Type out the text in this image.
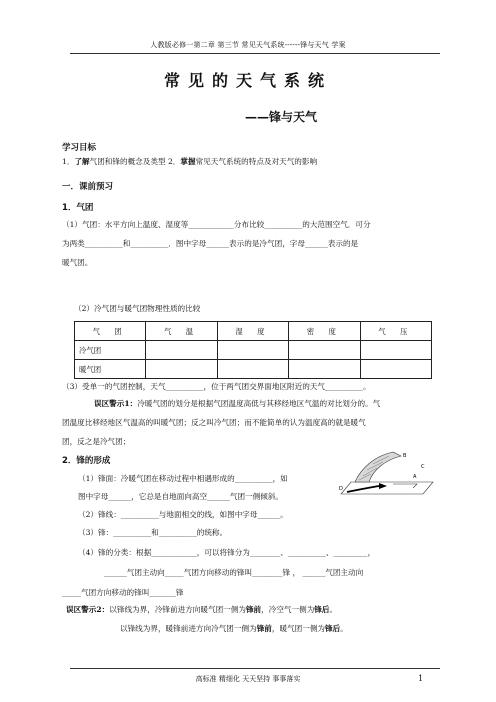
人教版必修一第二章 第三节 常见天气系统------锋与天气 学案
常见的天气系统
——锋与天气
学习目标
1．了解气团和锋的概念及类型 2．掌握常见天气系统的特点及对天气的影响
一．课前预习
1．气团
（1）气团：水平方向上温度、湿度等____________分布比较__________的大范围空气．可分
为两类__________和__________．图中字母______表示的是冷气团，字母______表示的是
暖气团。
（2）冷气团与暖气团物理性质的比较
气 团	气 温	湿 度	密 度	气 压
冷气团				
暖气团				
（3）受单一的气团控制，天气__________，位于两气团交界面地区附近的天气__________。
误区警示1：冷暖气团的划分是根据气团温度高低与其移经地区气温的对比划分的。气
团温度比移经地区气温高的叫暖气团；反之叫冷气团；而不能简单的认为温度高的就是暖气
团，反之是冷气团；
2．锋的形成
（1）锋面：冷暖气团在移动过程中相遇形成的__________，如
图中字母______，它总是自地面向高空______气团一侧倾斜。
（2）锋线：__________与地面相交的线，如图中字母______。
（3）锋：__________和__________的统称。
（4）锋的分类：根据____________，可以将锋分为________、__________、_________，
______气团主动向_____气团方向移动的锋叫________锋 ， ______气团主动向
_____气团方向移动的锋叫_______锋
B
C
A
D
误区警示2：以锋线为界，冷锋前进方向暖气团一侧为锋前，冷空气一侧为锋后。
以锋线为界，暖锋前进方向冷气团一侧为锋前，暖气团一侧为锋后。
高标准 精细化 天天坚持 事事落实	1
